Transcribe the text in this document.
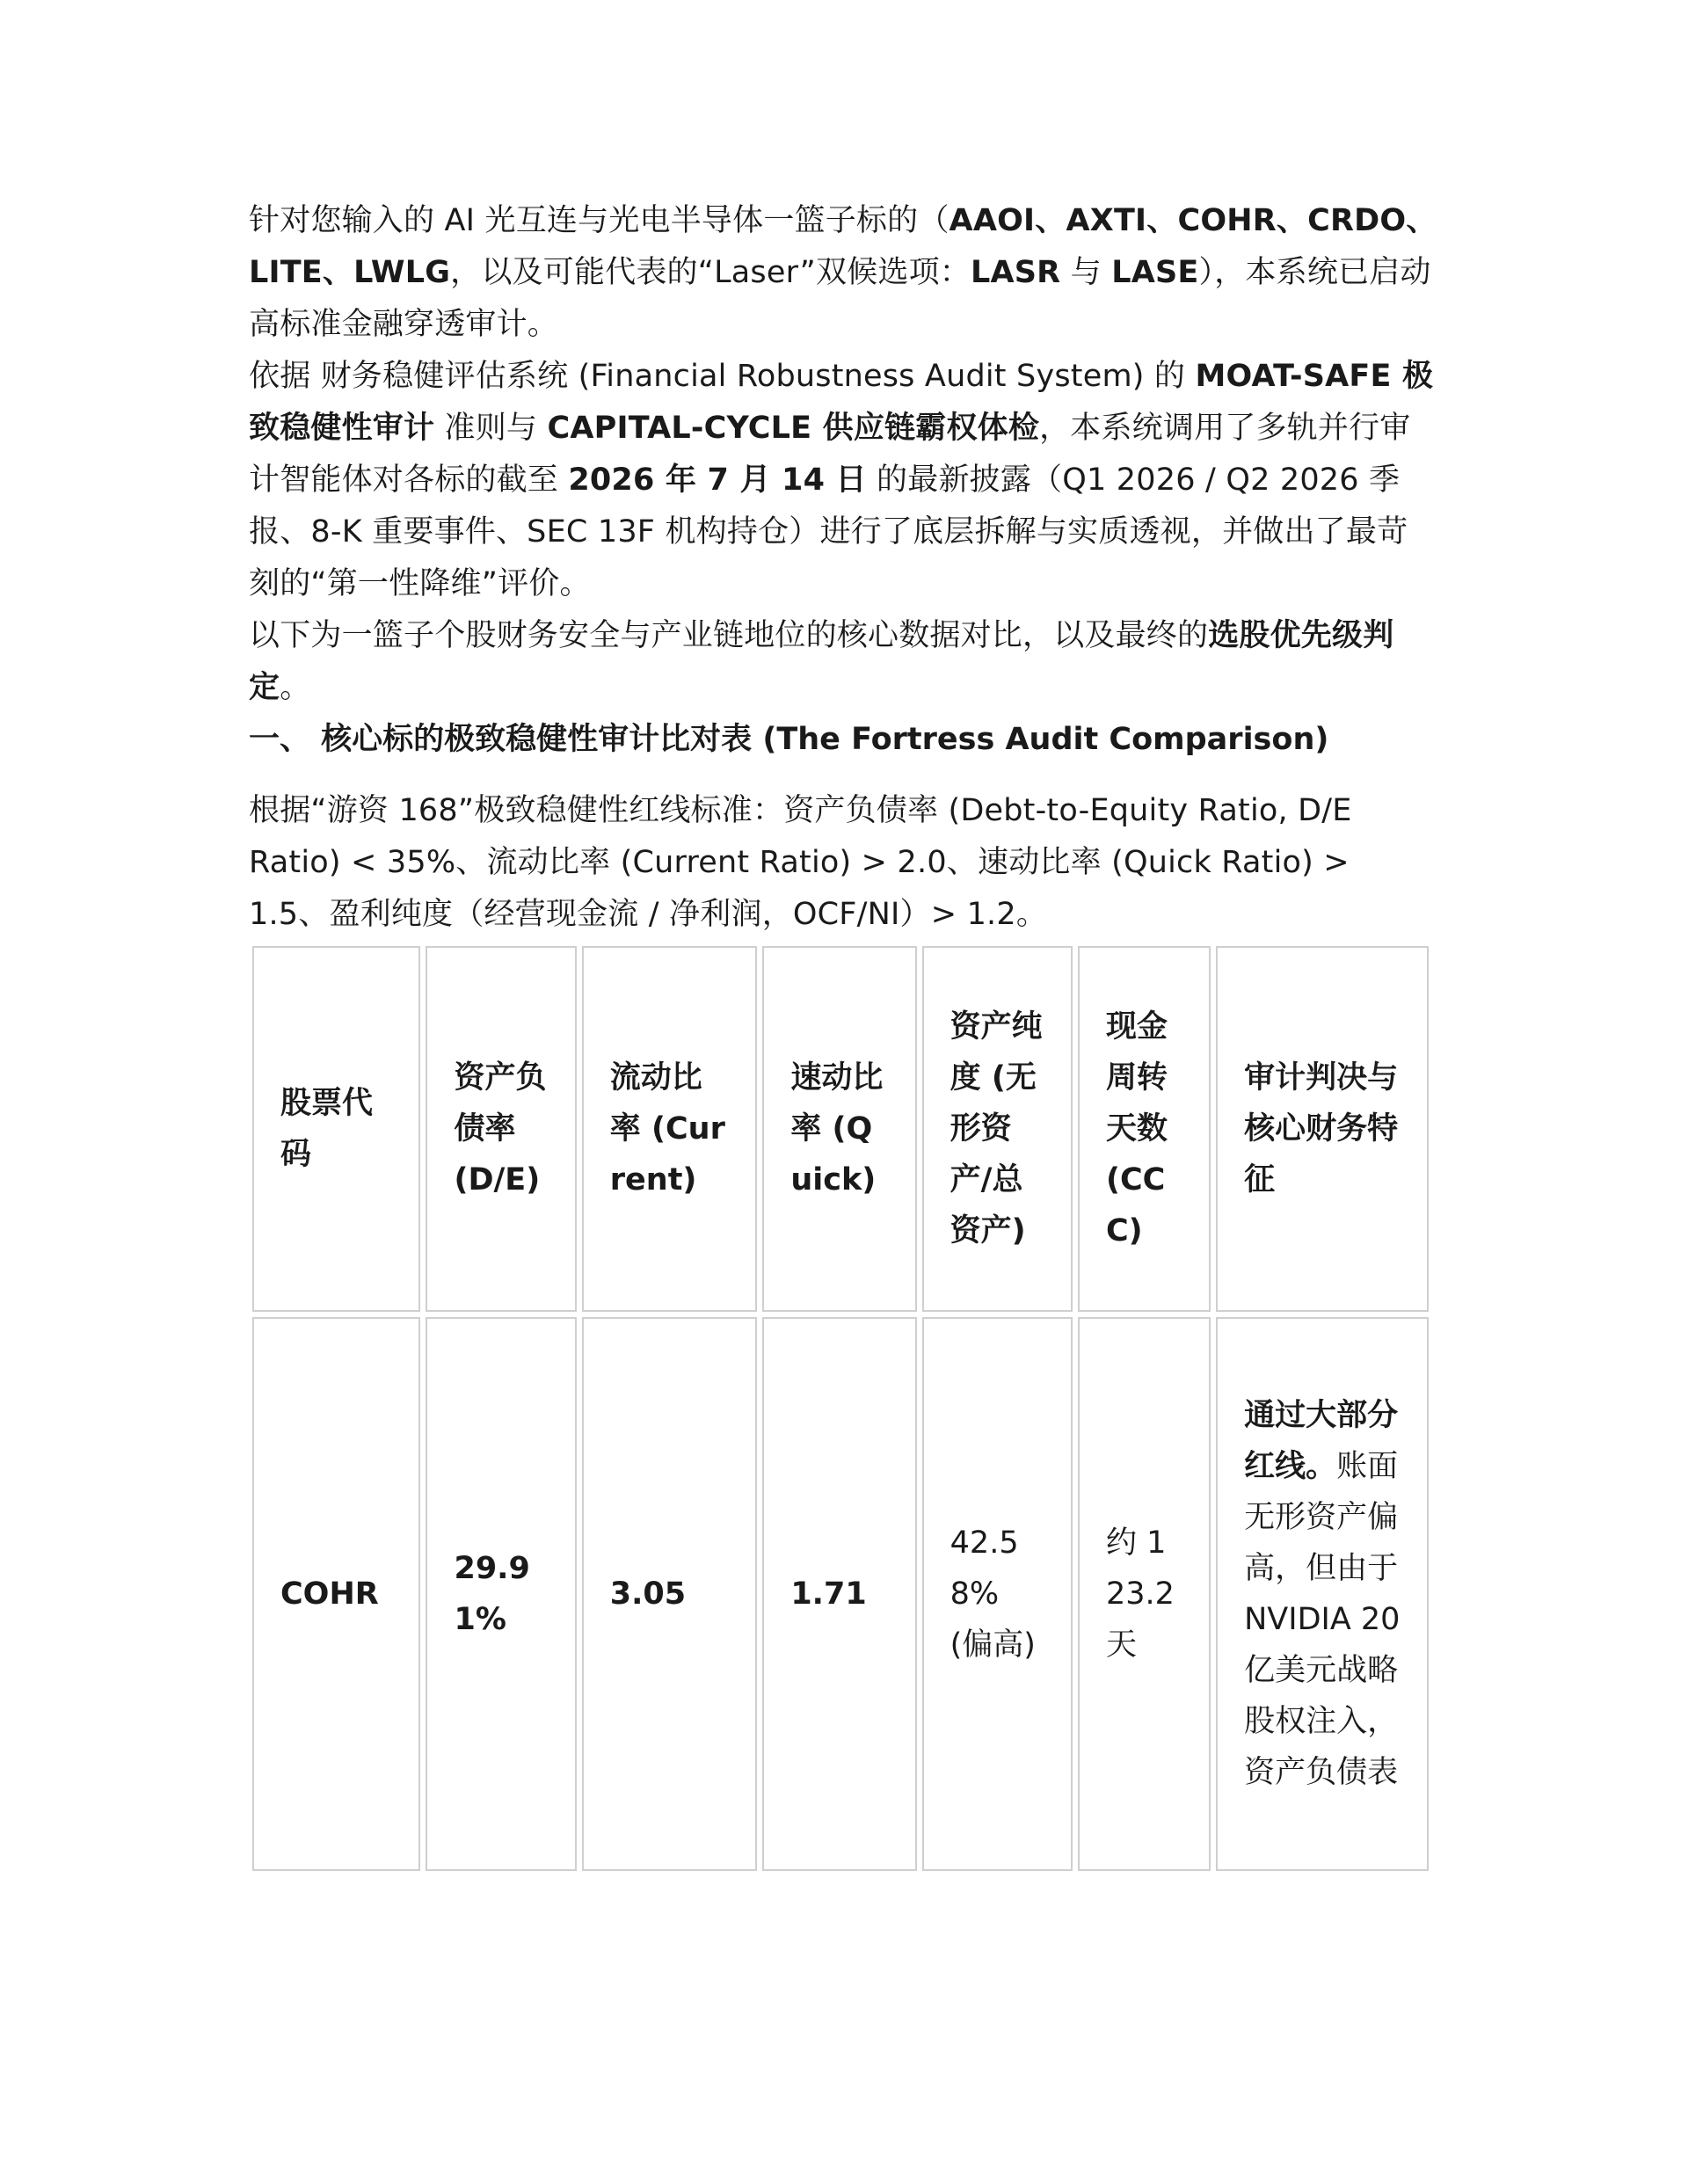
针对您输入的 AI 光互连与光电半导体一篮子标的（AAOI、AXTI、COHR、CRDO、LITE、LWLG，以及可能代表的“Laser”双候选项：LASR 与 LASE），本系统已启动高标准金融穿透审计。

依据 财务稳健评估系统 (Financial Robustness Audit System) 的 MOAT-SAFE 极致稳健性审计 准则与 CAPITAL-CYCLE 供应链霸权体检，本系统调用了多轨并行审计智能体对各标的截至 2026 年 7 月 14 日 的最新披露（Q1 2026 / Q2 2026 季报、8-K 重要事件、SEC 13F 机构持仓）进行了底层拆解与实质透视，并做出了最苛刻的“第一性降维”评价。

以下为一篮子个股财务安全与产业链地位的核心数据对比，以及最终的选股优先级判定。

一、 核心标的极致稳健性审计比对表 (The Fortress Audit Comparison)

根据“游资 168”极致稳健性红线标准：资产负债率 (Debt-to-Equity Ratio, D/E Ratio) < 35%、流动比率 (Current Ratio) > 2.0、速动比率 (Quick Ratio) > 1.5、盈利纯度（经营现金流 / 净利润，OCF/NI）> 1.2。

股票代码	资产负债率 (D/E)	流动比率 (Current)	速动比率 (Quick)	资产纯度 (无形资产/总资产)	现金周转天数 (CCC)	审计判决与核心财务特征
COHR	29.91%	3.05	1.71	42.58% (偏高)	约 123.2 天	通过大部分红线。账面无形资产偏高，但由于 NVIDIA 20 亿美元战略股权注入，资产负债表
